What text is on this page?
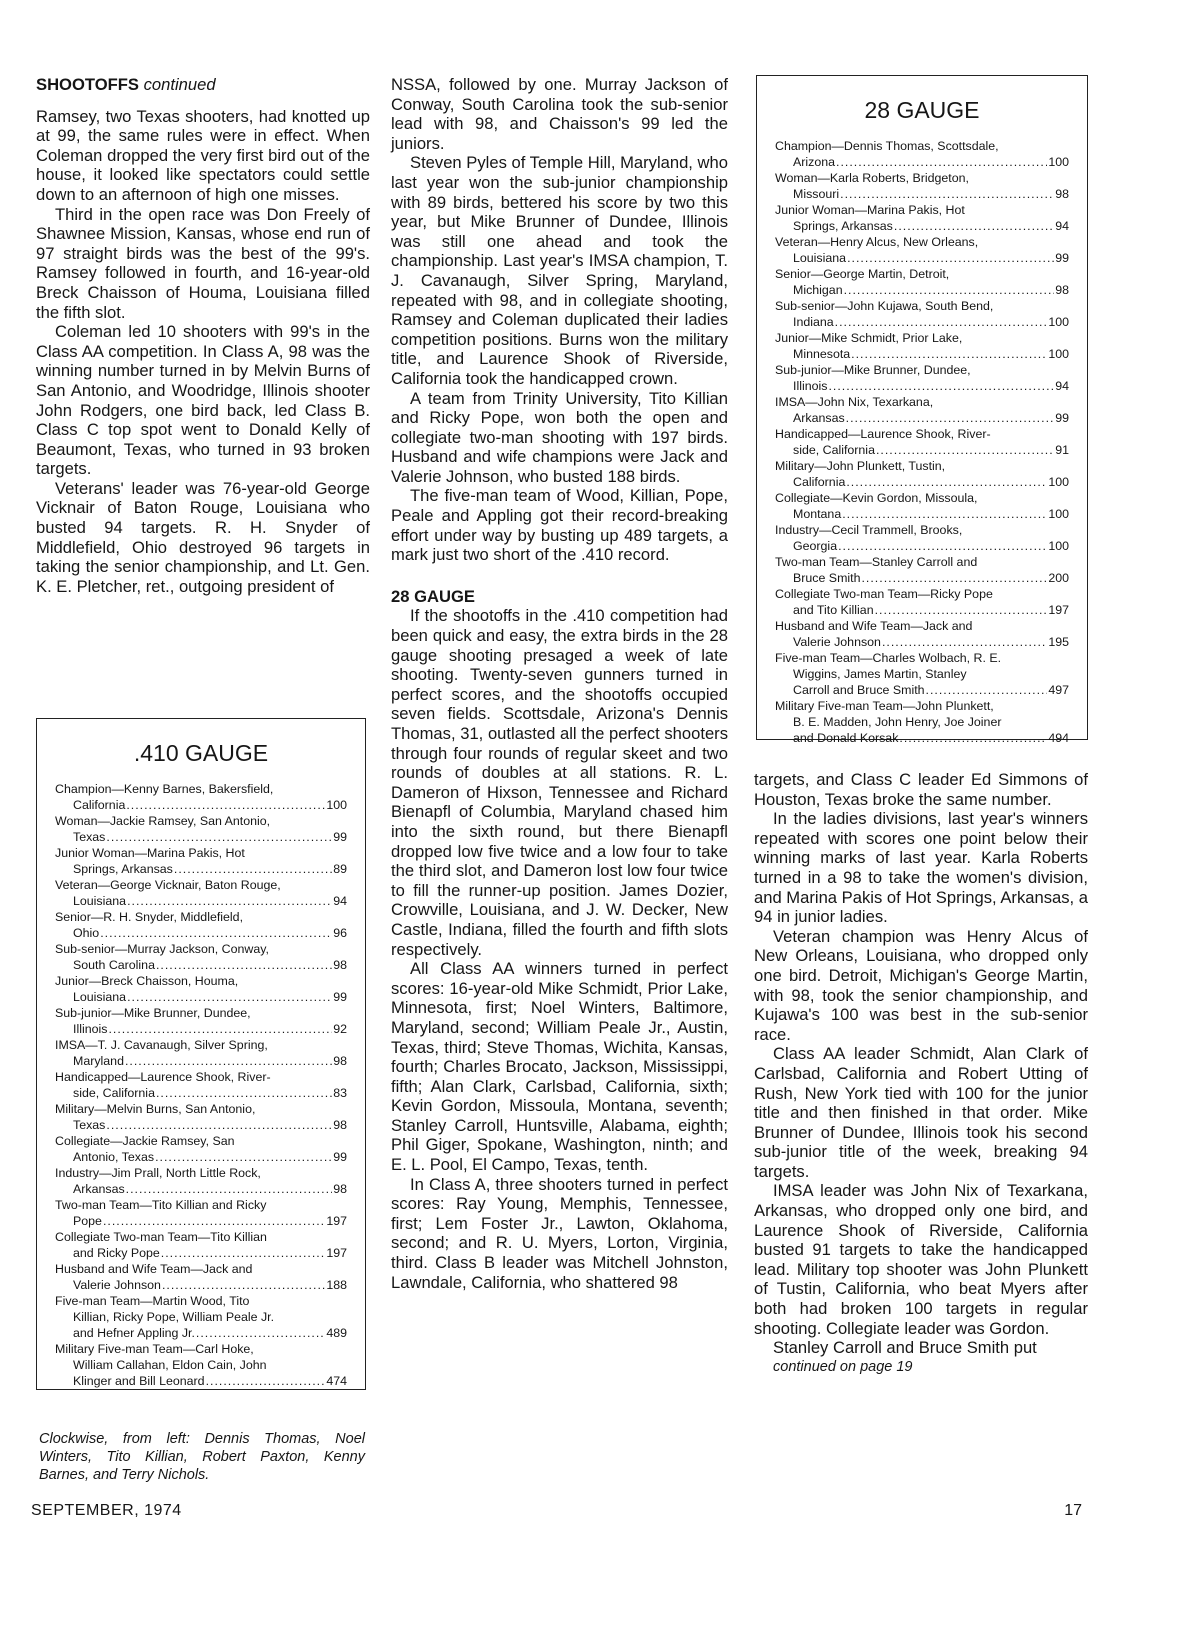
SHOOTOFFS continued

Ramsey, two Texas shooters, had knotted up at 99, the same rules were in effect. When Coleman dropped the very first bird out of the house, it looked like spectators could settle down to an afternoon of high one misses.

Third in the open race was Don Freely of Shawnee Mission, Kansas, whose end run of 97 straight birds was the best of the 99's. Ramsey followed in fourth, and 16-year-old Breck Chaisson of Houma, Louisiana filled the fifth slot.

Coleman led 10 shooters with 99's in the Class AA competition. In Class A, 98 was the winning number turned in by Melvin Burns of San Antonio, and Woodridge, Illinois shooter John Rodgers, one bird back, led Class B. Class C top spot went to Donald Kelly of Beaumont, Texas, who turned in 93 broken targets.

Veterans' leader was 76-year-old George Vicknair of Baton Rouge, Louisiana who busted 94 targets. R. H. Snyder of Middlefield, Ohio destroyed 96 targets in taking the senior championship, and Lt. Gen. K. E. Pletcher, ret., outgoing president of

.410 GAUGE
Champion—Kenny Barnes, Bakersfield,
California .....	100
Woman—Jackie Ramsey, San Antonio,
Texas .....	99
Junior Woman—Marina Pakis, Hot
Springs, Arkansas .....	89
Veteran—George Vicknair, Baton Rouge,
Louisiana .....	94
Senior—R. H. Snyder, Middlefield,
Ohio .....	96
Sub-senior—Murray Jackson, Conway,
South Carolina .....	98
Junior—Breck Chaisson, Houma,
Louisiana .....	99
Sub-junior—Mike Brunner, Dundee,
Illinois .....	92
IMSA—T. J. Cavanaugh, Silver Spring,
Maryland .....	98
Handicapped—Laurence Shook, River-
side, California .....	83
Military—Melvin Burns, San Antonio,
Texas .....	98
Collegiate—Jackie Ramsey, San
Antonio, Texas .....	99
Industry—Jim Prall, North Little Rock,
Arkansas .....	98
Two-man Team—Tito Killian and Ricky
Pope .....	197
Collegiate Two-man Team—Tito Killian
and Ricky Pope .....	197
Husband and Wife Team—Jack and
Valerie Johnson .....	188
Five-man Team—Martin Wood, Tito
Killian, Ricky Pope, William Peale Jr.
and Hefner Appling Jr. .....	489
Military Five-man Team—Carl Hoke,
William Callahan, Eldon Cain, John
Klinger and Bill Leonard .....	474

Clockwise, from left: Dennis Thomas, Noel Winters, Tito Killian, Robert Paxton, Kenny Barnes, and Terry Nichols.

NSSA, followed by one. Murray Jackson of Conway, South Carolina took the sub-senior lead with 98, and Chaisson's 99 led the juniors.

Steven Pyles of Temple Hill, Maryland, who last year won the sub-junior championship with 89 birds, bettered his score by two this year, but Mike Brunner of Dundee, Illinois was still one ahead and took the championship. Last year's IMSA champion, T. J. Cavanaugh, Silver Spring, Maryland, repeated with 98, and in collegiate shooting, Ramsey and Coleman duplicated their ladies competition positions. Burns won the military title, and Laurence Shook of Riverside, California took the handicapped crown.

A team from Trinity University, Tito Killian and Ricky Pope, won both the open and collegiate two-man shooting with 197 birds. Husband and wife champions were Jack and Valerie Johnson, who busted 188 birds.

The five-man team of Wood, Killian, Pope, Peale and Appling got their record-breaking effort under way by busting up 489 targets, a mark just two short of the .410 record.

28 GAUGE

If the shootoffs in the .410 competition had been quick and easy, the extra birds in the 28 gauge shooting presaged a week of late shooting. Twenty-seven gunners turned in perfect scores, and the shootoffs occupied seven fields. Scottsdale, Arizona's Dennis Thomas, 31, outlasted all the perfect shooters through four rounds of regular skeet and two rounds of doubles at all stations. R. L. Dameron of Hixson, Tennessee and Richard Bienapfl of Columbia, Maryland chased him into the sixth round, but there Bienapfl dropped low five twice and a low four to take the third slot, and Dameron lost low four twice to fill the runner-up position. James Dozier, Crowville, Louisiana, and J. W. Decker, New Castle, Indiana, filled the fourth and fifth slots respectively.

All Class AA winners turned in perfect scores: 16-year-old Mike Schmidt, Prior Lake, Minnesota, first; Noel Winters, Baltimore, Maryland, second; William Peale Jr., Austin, Texas, third; Steve Thomas, Wichita, Kansas, fourth; Charles Brocato, Jackson, Mississippi, fifth; Alan Clark, Carlsbad, California, sixth; Kevin Gordon, Missoula, Montana, seventh; Stanley Carroll, Huntsville, Alabama, eighth; Phil Giger, Spokane, Washington, ninth; and E. L. Pool, El Campo, Texas, tenth.

In Class A, three shooters turned in perfect scores: Ray Young, Memphis, Tennessee, first; Lem Foster Jr., Lawton, Oklahoma, second; and R. U. Myers, Lorton, Virginia, third. Class B leader was Mitchell Johnston, Lawndale, California, who shattered 98

28 GAUGE
Champion—Dennis Thomas, Scottsdale,
Arizona .....	100
Woman—Karla Roberts, Bridgeton,
Missouri .....	98
Junior Woman—Marina Pakis, Hot
Springs, Arkansas .....	94
Veteran—Henry Alcus, New Orleans,
Louisiana .....	99
Senior—George Martin, Detroit,
Michigan .....	98
Sub-senior—John Kujawa, South Bend,
Indiana .....	100
Junior—Mike Schmidt, Prior Lake,
Minnesota .....	100
Sub-junior—Mike Brunner, Dundee,
Illinois .....	94
IMSA—John Nix, Texarkana,
Arkansas .....	99
Handicapped—Laurence Shook, River-
side, California .....	91
Military—John Plunkett, Tustin,
California .....	100
Collegiate—Kevin Gordon, Missoula,
Montana .....	100
Industry—Cecil Trammell, Brooks,
Georgia .....	100
Two-man Team—Stanley Carroll and
Bruce Smith .....	200
Collegiate Two-man Team—Ricky Pope
and Tito Killian .....	197
Husband and Wife Team—Jack and
Valerie Johnson .....	195
Five-man Team—Charles Wolbach, R. E.
Wiggins, James Martin, Stanley
Carroll and Bruce Smith .....	497
Military Five-man Team—John Plunkett,
B. E. Madden, John Henry, Joe Joiner
and Donald Korsak .....	494

targets, and Class C leader Ed Simmons of Houston, Texas broke the same number.

In the ladies divisions, last year's winners repeated with scores one point below their winning marks of last year. Karla Roberts turned in a 98 to take the women's division, and Marina Pakis of Hot Springs, Arkansas, a 94 in junior ladies.

Veteran champion was Henry Alcus of New Orleans, Louisiana, who dropped only one bird. Detroit, Michigan's George Martin, with 98, took the senior championship, and Kujawa's 100 was best in the sub-senior race.

Class AA leader Schmidt, Alan Clark of Carlsbad, California and Robert Utting of Rush, New York tied with 100 for the junior title and then finished in that order. Mike Brunner of Dundee, Illinois took his second sub-junior title of the week, breaking 94 targets.

IMSA leader was John Nix of Texarkana, Arkansas, who dropped only one bird, and Laurence Shook of Riverside, California busted 91 targets to take the handicapped lead. Military top shooter was John Plunkett of Tustin, California, who beat Myers after both had broken 100 targets in regular shooting. Collegiate leader was Gordon.

Stanley Carroll and Bruce Smith put

continued on page 19

SEPTEMBER, 1974	17
